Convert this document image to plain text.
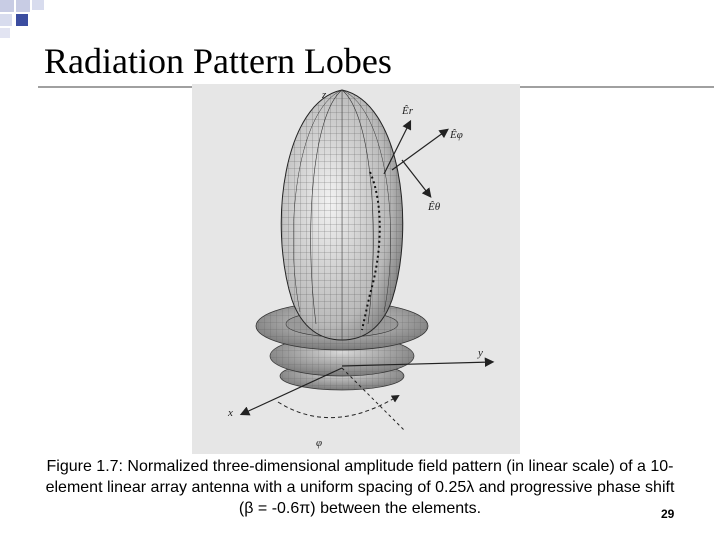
Radiation Pattern Lobes
z
Êr
Êφ
Êθ
y
x
φ

Figure 1.7: Normalized three-dimensional amplitude field pattern (in linear scale) of a 10-element linear array antenna with a uniform spacing of 0.25λ and progressive phase shift (β = -0.6π) between the elements.	29
